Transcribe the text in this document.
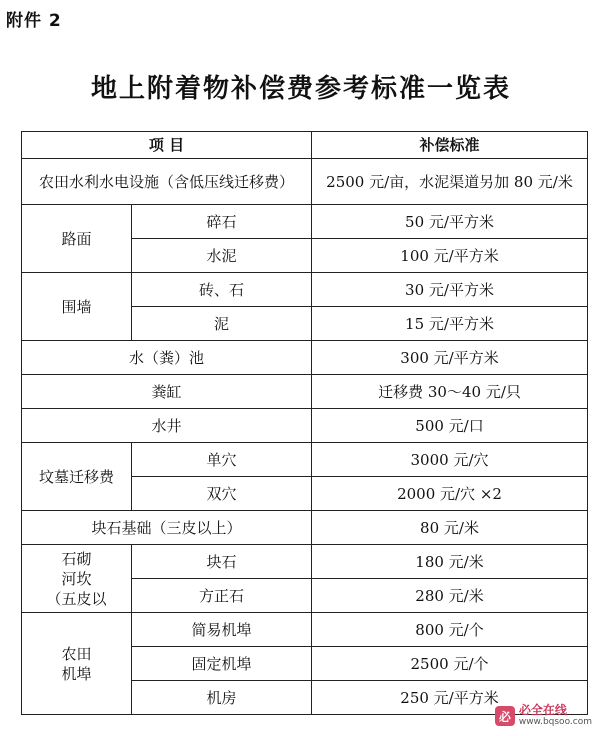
附件 2
地上附着物补偿费参考标准一览表
项 目		补偿标准
农田水利水电设施（含低压线迁移费）		2500 元/亩，水泥渠道另加 80 元/米
路面	碎石	50 元/平方米
	水泥	100 元/平方米
围墙	砖、石	30 元/平方米
	泥	15 元/平方米
水（粪）池		300 元/平方米
粪缸		迁移费 30～40 元/只
水井		500 元/口
坟墓迁移费	单穴	3000 元/穴
	双穴	2000 元/穴 ×2
块石基础（三皮以上）		80 元/米

石砌
河坎
（五皮以	块石	180 元/米
	方正石	280 元/米

农田
机埠	简易机埠	800 元/个
	固定机埠	2500 元/个
	机房	250 元/平方米
必 必全在线
www.bqsoo.com
